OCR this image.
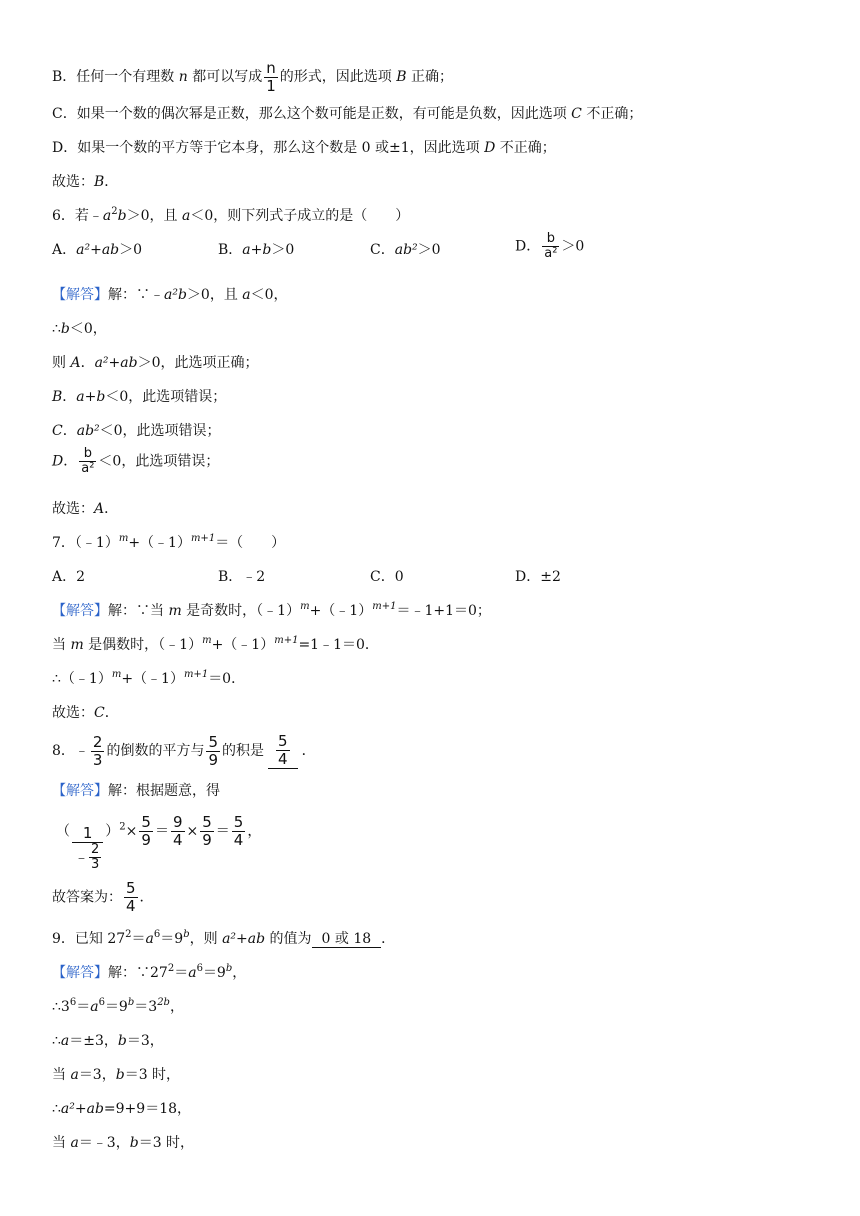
B．任何一个有理数 n 都可以写成 $\frac{n}{1}$ 的形式，因此选项 B 正确；
C．如果一个数的偶次幂是正数，那么这个数可能是正数，有可能是负数，因此选项 C 不正确；
D．如果一个数的平方等于它本身，那么这个数是 0 或±1，因此选项 D 不正确；
故选：B．
6．若$﹣a^2b>0$，且 a＜0，则下列式子成立的是（　　）
A．a²+ab＞0	B．a+b＞0	C．ab²＞0	D． $\frac{b}{\text{a²}} >0$
【解答】解：∵﹣a²b＞0，且 a＜0，
∴b＜0，
则 A．a²+ab＞0，此选项正确；
B．a+b＜0，此选项错误；
C．ab²＜0，此选项错误；
D． $\frac{b}{\text{a²}} <0$，此选项错误；
故选：A．
7．（﹣1）$^m$+（﹣1）$^{m+1}$＝（　　）
A．2	B．﹣2	C．0	D．±2
【解答】解：∵当 m 是奇数时，（﹣1）$^m$+（﹣1）$^{m+1}$＝﹣1+1＝0；
当 m 是偶数时，（﹣1）$^m$+（﹣1）$^{m+1}$=1﹣1＝0．
∴（﹣1）$^m$+（﹣1）$^{m+1}$＝0．
故选：C．
8．﹣ $\frac{2}{3}$ 的倒数的平方与 $\frac{5}{9}$ 的积是 $\frac{5}{4}$ ．
【解答】解：根据题意，得
（ $\frac{1}{﹣ \frac{2}{3}} )^2\times \frac{5}{9} = \frac{9}{4} \times \frac{5}{9} = \frac{5}{4}$ ，
故答案为： $\frac{5}{4}$ ．
9．已知 $27^2=a^6=9^b$，则 a²+ab 的值为 0 或 18 ．
【解答】解：$\because 27^2=a^6=9^b$，
$\therefore 3^6=a^6=9^b=3^{2b}$，
∴a＝±3，b＝3，
当 a＝3，b＝3 时，
∴a²+ab=9+9＝18，
当 a＝﹣3，b＝3 时，
